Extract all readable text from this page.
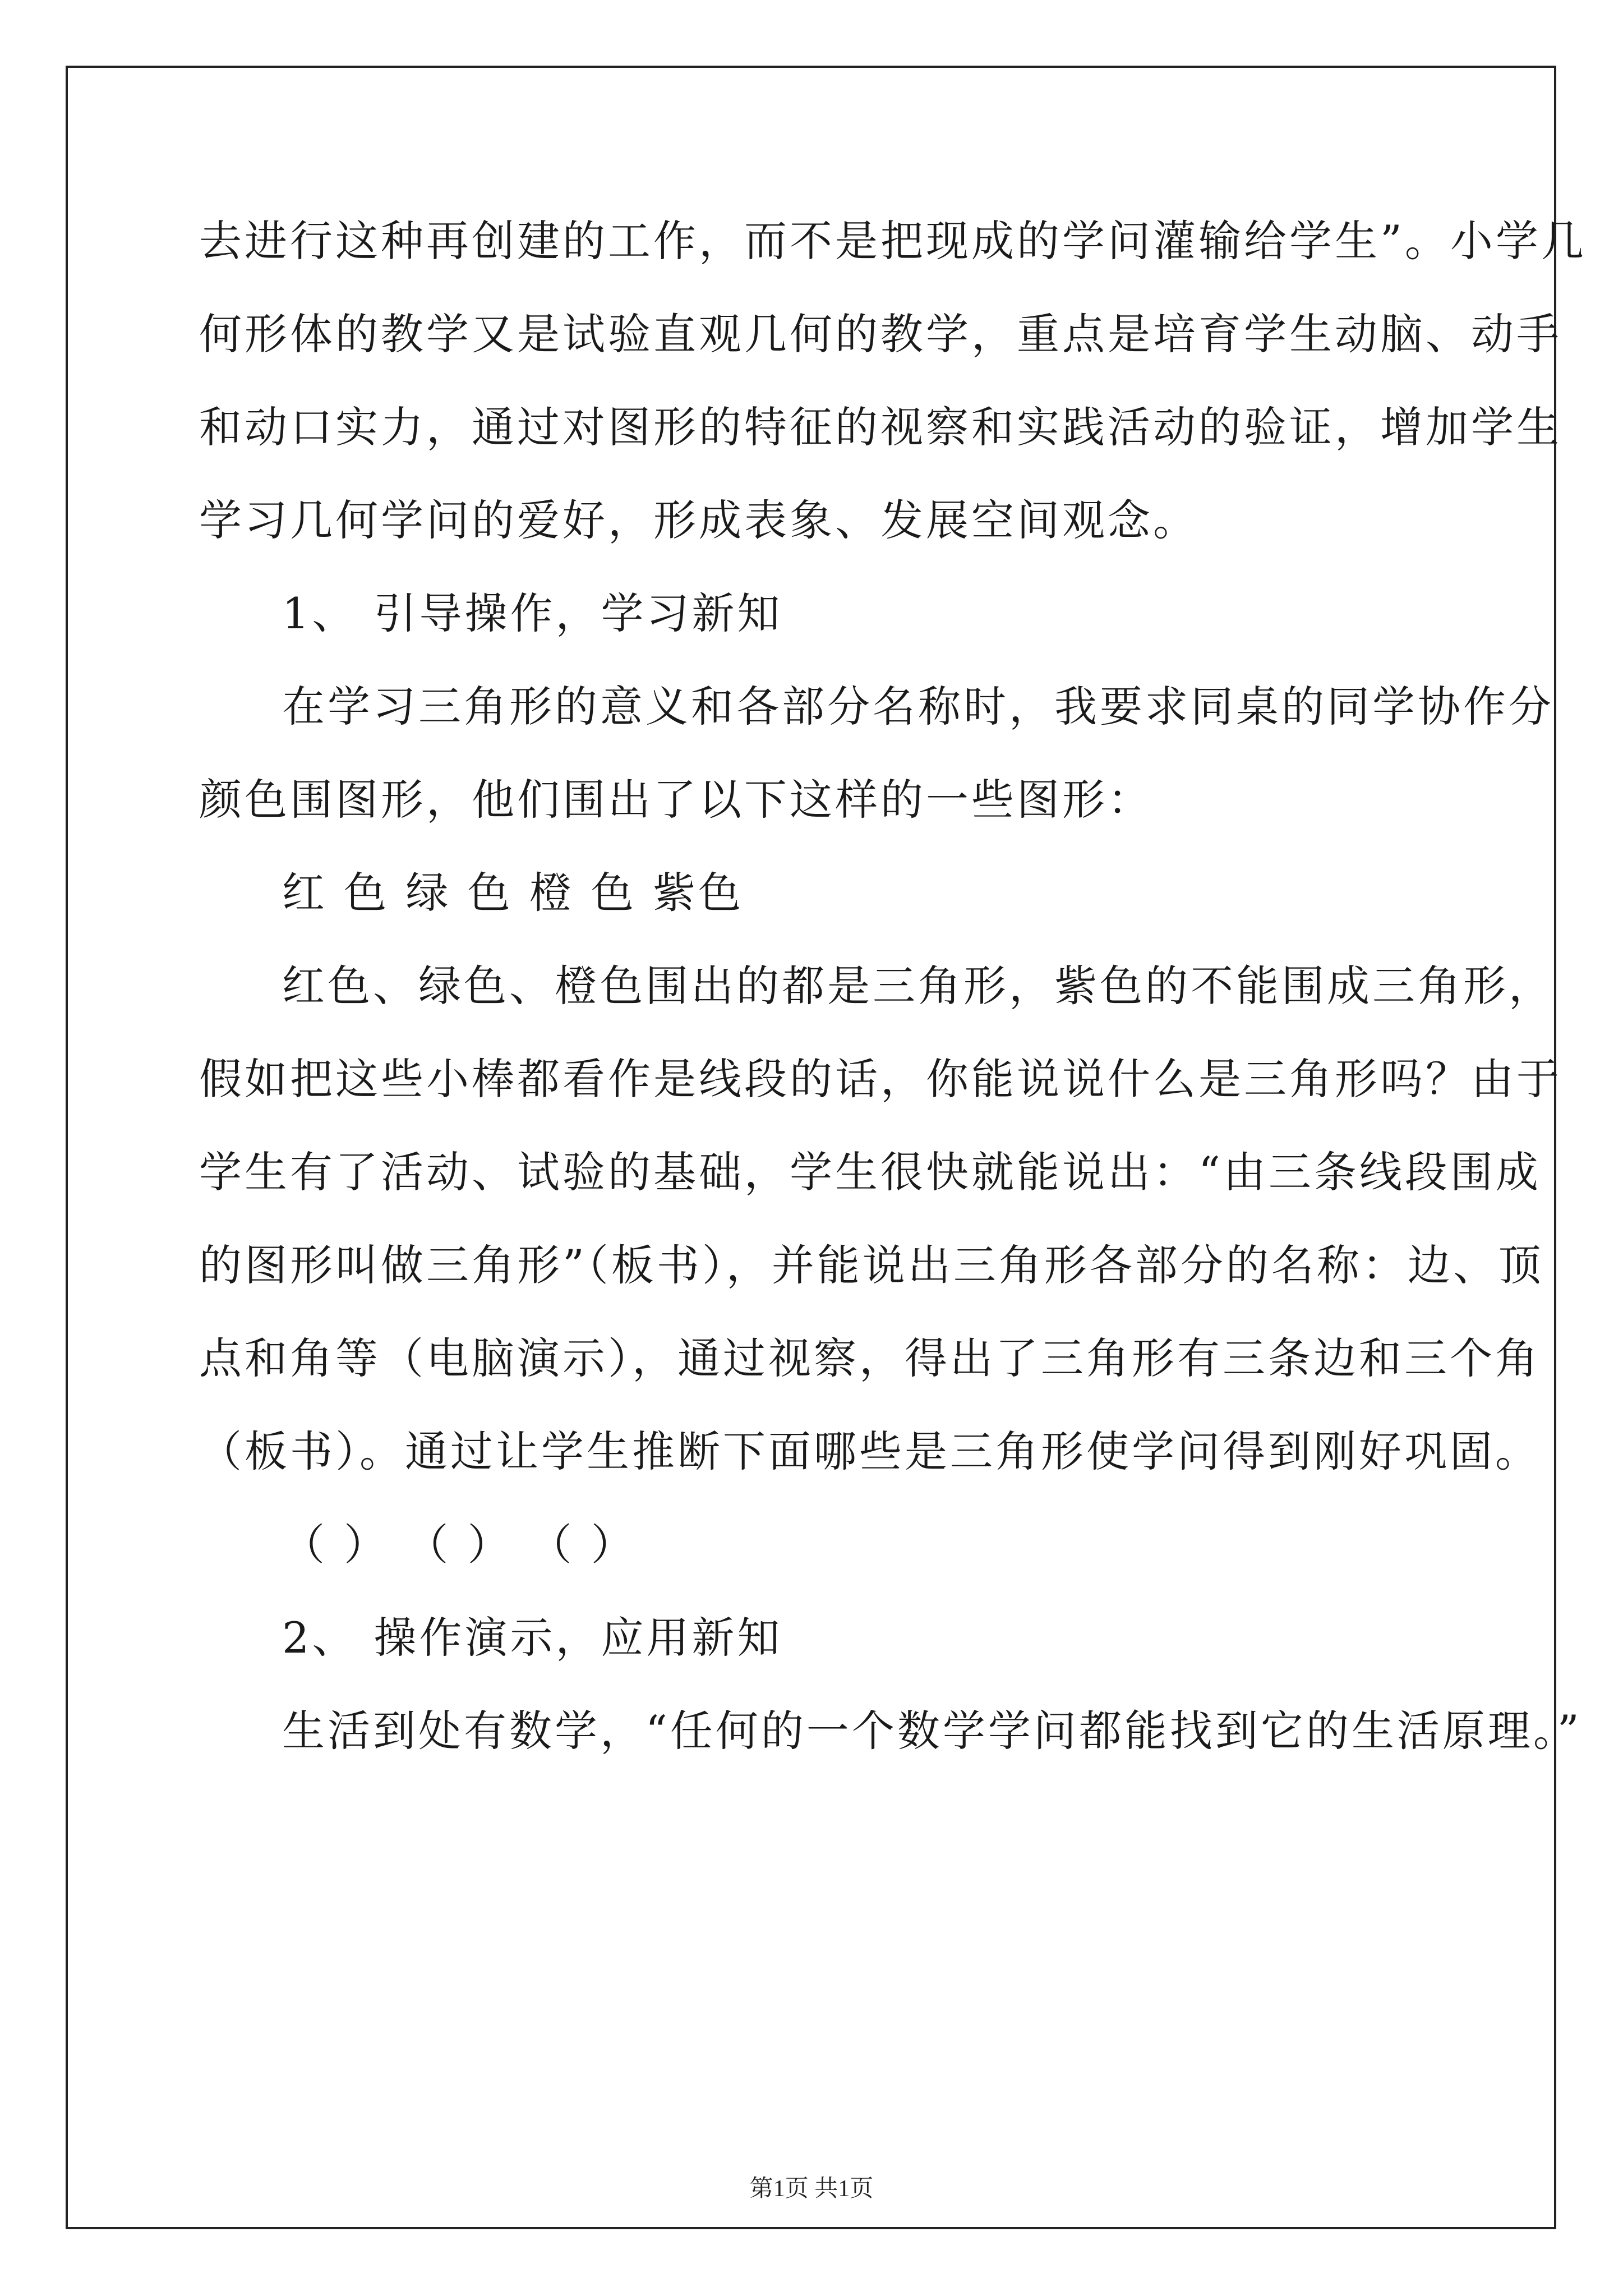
去进行这种再创建的工作，而不是把现成的学问灌输给学生”。小学几
何形体的教学又是试验直观几何的教学，重点是培育学生动脑、动手
和动口实力，通过对图形的特征的视察和实践活动的验证，增加学生
学习几何学问的爱好，形成表象、发展空间观念。
1、 引导操作，学习新知
在学习三角形的意义和各部分名称时，我要求同桌的同学协作分
颜色围图形，他们围出了以下这样的一些图形：
红 色 绿 色 橙 色 紫色
红色、绿色、橙色围出的都是三角形，紫色的不能围成三角形，
假如把这些小棒都看作是线段的话，你能说说什么是三角形吗？由于
学生有了活动、试验的基础，学生很快就能说出：“由三条线段围成
的图形叫做三角形”（板书），并能说出三角形各部分的名称：边、顶
点和角等（电脑演示），通过视察，得出了三角形有三条边和三个角
（板书）。通过让学生推断下面哪些是三角形使学问得到刚好巩固。
（ ） （ ） （ ）
2、 操作演示，应用新知
生活到处有数学，“任何的一个数学学问都能找到它的生活原理。”
第1页 共1页
